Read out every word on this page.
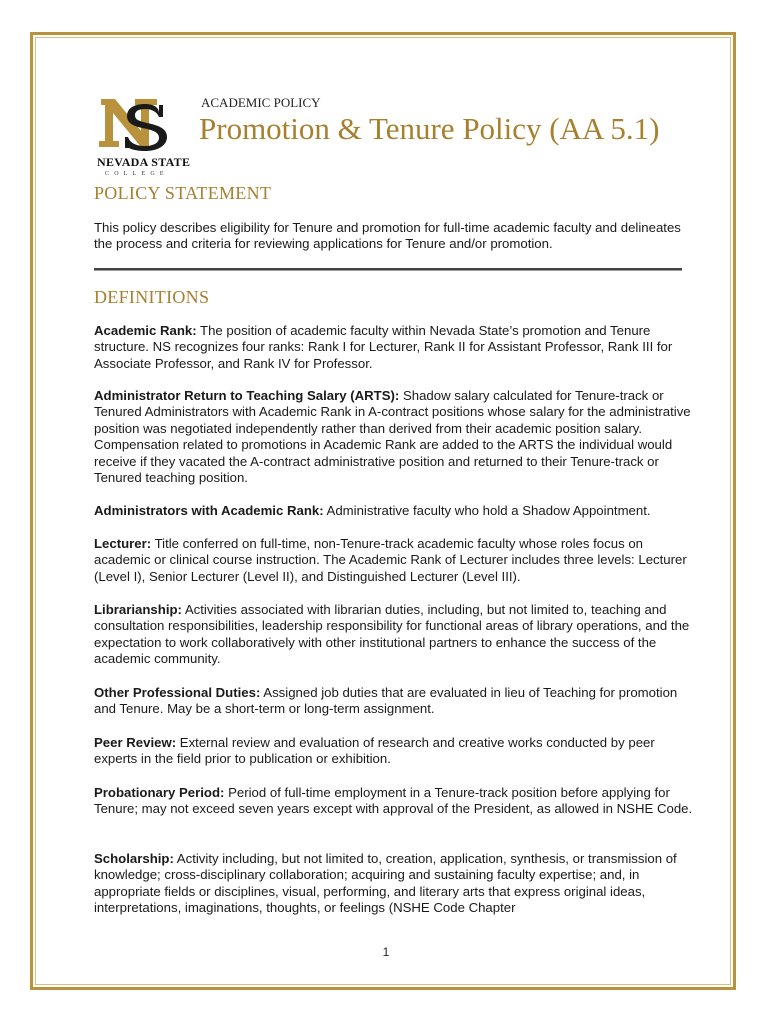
NEVADA STATE
COLLEGE
ACADEMIC POLICY
Promotion & Tenure Policy (AA 5.1)
POLICY STATEMENT
This policy describes eligibility for Tenure and promotion for full-time academic faculty and delineates the process and criteria for reviewing applications for Tenure and/or promotion.
DEFINITIONS
Academic Rank: The position of academic faculty within Nevada State’s promotion and Tenure structure. NS recognizes four ranks: Rank I for Lecturer, Rank II for Assistant Professor, Rank III for Associate Professor, and Rank IV for Professor.
Administrator Return to Teaching Salary (ARTS): Shadow salary calculated for Tenure-track or Tenured Administrators with Academic Rank in A-contract positions whose salary for the administrative position was negotiated independently rather than derived from their academic position salary. Compensation related to promotions in Academic Rank are added to the ARTS the individual would receive if they vacated the A-contract administrative position and returned to their Tenure-track or Tenured teaching position.
Administrators with Academic Rank: Administrative faculty who hold a Shadow Appointment.
Lecturer: Title conferred on full-time, non-Tenure-track academic faculty whose roles focus on academic or clinical course instruction. The Academic Rank of Lecturer includes three levels: Lecturer (Level I), Senior Lecturer (Level II), and Distinguished Lecturer (Level III).
Librarianship: Activities associated with librarian duties, including, but not limited to, teaching and consultation responsibilities, leadership responsibility for functional areas of library operations, and the expectation to work collaboratively with other institutional partners to enhance the success of the academic community.
Other Professional Duties: Assigned job duties that are evaluated in lieu of Teaching for promotion and Tenure. May be a short-term or long-term assignment.
Peer Review: External review and evaluation of research and creative works conducted by peer experts in the field prior to publication or exhibition.
Probationary Period: Period of full-time employment in a Tenure-track position before applying for Tenure; may not exceed seven years except with approval of the President, as allowed in NSHE Code.
Scholarship: Activity including, but not limited to, creation, application, synthesis, or transmission of knowledge; cross-disciplinary collaboration; acquiring and sustaining faculty expertise; and, in appropriate fields or disciplines, visual, performing, and literary arts that express original ideas, interpretations, imaginations, thoughts, or feelings (NSHE Code Chapter
1
